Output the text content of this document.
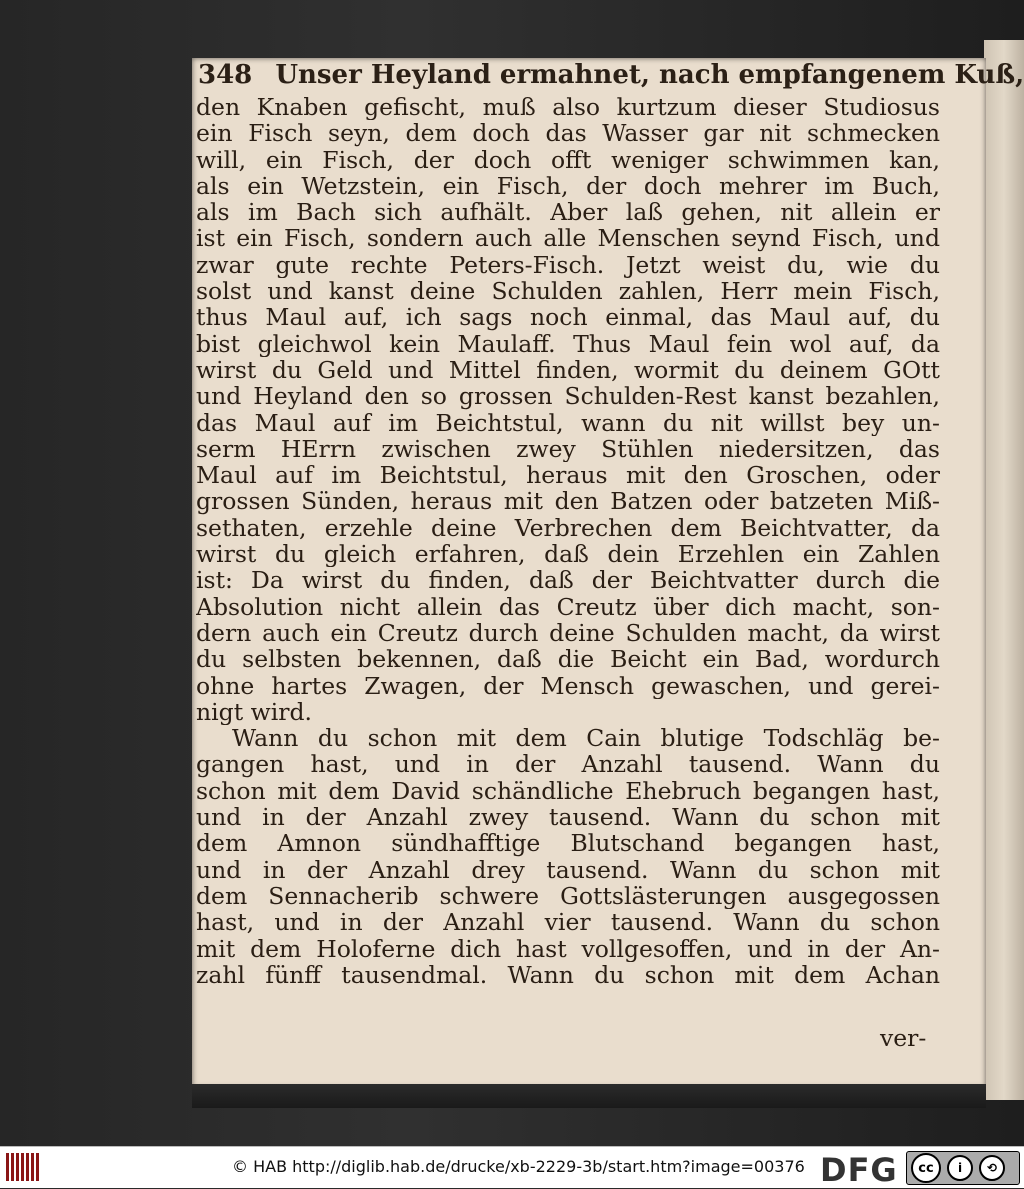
348 Unser Heyland ermahnet, nach empfangenem Kuß,
den Knaben gefischt, muß also kurtzum dieser Studiosus
ein Fisch seyn, dem doch das Wasser gar nit schmecken
will, ein Fisch, der doch offt weniger schwimmen kan,
als ein Wetzstein, ein Fisch, der doch mehrer im Buch,
als im Bach sich aufhält. Aber laß gehen, nit allein er
ist ein Fisch, sondern auch alle Menschen seynd Fisch, und
zwar gute rechte Peters-Fisch. Jetzt weist du, wie du
solst und kanst deine Schulden zahlen, Herr mein Fisch,
thus Maul auf, ich sags noch einmal, das Maul auf, du
bist gleichwol kein Maulaff. Thus Maul fein wol auf, da
wirst du Geld und Mittel finden, wormit du deinem GOtt
und Heyland den so grossen Schulden-Rest kanst bezahlen,
das Maul auf im Beichtstul, wann du nit willst bey un-
serm HErrn zwischen zwey Stühlen niedersitzen, das
Maul auf im Beichtstul, heraus mit den Groschen, oder
grossen Sünden, heraus mit den Batzen oder batzeten Miß-
sethaten, erzehle deine Verbrechen dem Beichtvatter, da
wirst du gleich erfahren, daß dein Erzehlen ein Zahlen
ist: Da wirst du finden, daß der Beichtvatter durch die
Absolution nicht allein das Creutz über dich macht, son-
dern auch ein Creutz durch deine Schulden macht, da wirst
du selbsten bekennen, daß die Beicht ein Bad, wordurch
ohne hartes Zwagen, der Mensch gewaschen, und gerei-
nigt wird.
Wann du schon mit dem Cain blutige Todschläg be-
gangen hast, und in der Anzahl tausend. Wann du
schon mit dem David schändliche Ehebruch begangen hast,
und in der Anzahl zwey tausend. Wann du schon mit
dem Amnon sündhafftige Blutschand begangen hast,
und in der Anzahl drey tausend. Wann du schon mit
dem Sennacherib schwere Gottslästerungen ausgegossen
hast, und in der Anzahl vier tausend. Wann du schon
mit dem Holoferne dich hast vollgesoffen, und in der An-
zahl fünff tausendmal. Wann du schon mit dem Achan
ver-
© HAB http://diglib.hab.de/drucke/xb-2229-3b/start.htm?image=00376 DFG	cc	i	⟲
